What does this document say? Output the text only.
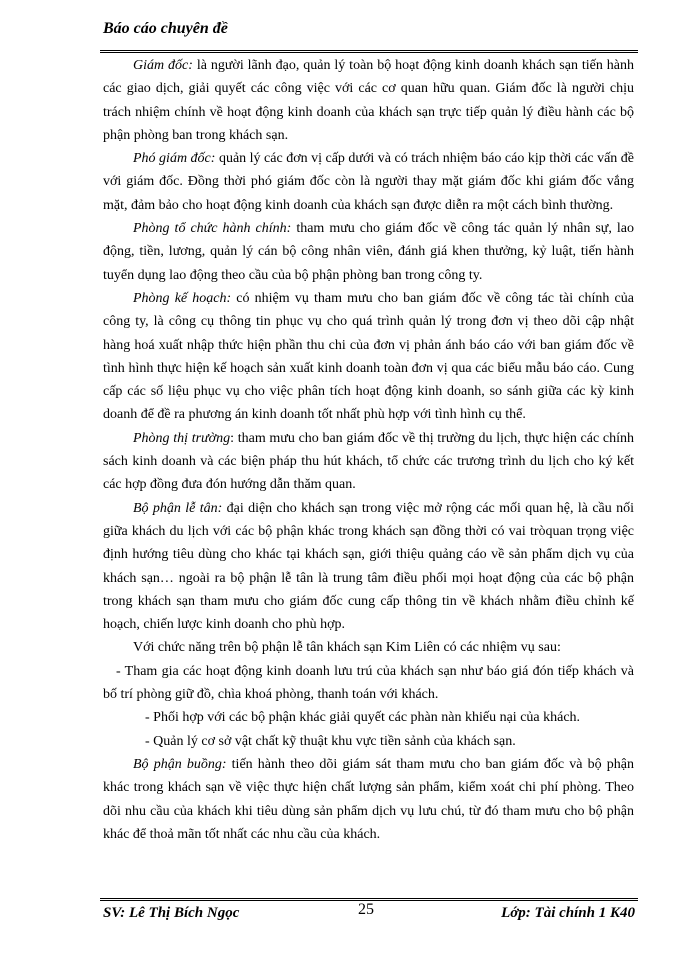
Báo cáo chuyên đề

Giám đốc: là người lãnh đạo, quản lý toàn bộ hoạt động kinh doanh khách sạn tiến hành các giao dịch, giải quyết các công việc với các cơ quan hữu quan. Giám đốc là người chịu trách nhiệm chính về hoạt động kinh doanh của khách sạn trực tiếp quản lý điều hành các bộ phận phòng ban trong khách sạn.

Phó giám đốc: quản lý các đơn vị cấp dưới và có trách nhiệm báo cáo kịp thời các vấn đề với giám đốc. Đồng thời phó giám đốc còn là người thay mặt giám đốc khi giám đốc vắng mặt, đảm bảo cho hoạt động kinh doanh của khách sạn được diễn ra một cách bình thường.

Phòng tổ chức hành chính: tham mưu cho giám đốc về công tác quản lý nhân sự, lao động, tiền, lương, quản lý cán bộ công nhân viên, đánh giá khen thưởng, kỷ luật, tiến hành tuyển dụng lao động theo cầu của bộ phận phòng ban trong công ty.

Phòng kế hoạch: có nhiệm vụ tham mưu cho ban giám đốc về công tác tài chính của công ty, là công cụ thông tin phục vụ cho quá trình quản lý trong đơn vị theo dõi cập nhật hàng hoá xuất nhập thức hiện phần thu chi của đơn vị phản ánh báo cáo với ban giám đốc về tình hình thực hiện kế hoạch sản xuất kinh doanh toàn đơn vị qua các biểu mẫu báo cáo. Cung cấp các số liệu phục vụ cho việc phân tích hoạt động kinh doanh, so sánh giữa các kỳ kinh doanh để đề ra phương án kinh doanh tốt nhất phù hợp với tình hình cụ thể.

Phòng thị trường: tham mưu cho ban giám đốc về thị trường du lịch, thực hiện các chính sách kinh doanh và các biện pháp thu hút khách, tổ chức các trương trình du lịch cho ký kết các hợp đồng đưa đón hướng dẫn thăm quan.

Bộ phận lễ tân: đại diện cho khách sạn trong việc mở rộng các mối quan hệ, là cầu nối giữa khách du lịch với các bộ phận khác trong khách sạn đồng thời có vai tròquan trọng việc định hướng tiêu dùng cho khác tại khách sạn, giới thiệu quảng cáo về sản phẩm dịch vụ của khách sạn… ngoài ra bộ phận lễ tân là trung tâm điều phối mọi hoạt động của các bộ phận trong khách sạn tham mưu cho giám đốc cung cấp thông tin về khách nhằm điều chỉnh kế hoạch, chiến lược kinh doanh cho phù hợp.

Với chức năng trên bộ phận lễ tân khách sạn Kim Liên có các nhiệm vụ sau:

- Tham gia các hoạt động kinh doanh lưu trú của khách sạn như báo giá đón tiếp khách và bố trí phòng giữ đồ, chìa khoá phòng, thanh toán với khách.

- Phối hợp với các bộ phận khác giải quyết các phàn nàn khiếu nại của khách.

- Quản lý cơ sở vật chất kỹ thuật khu vực tiền sảnh của khách sạn.

Bộ phận buồng: tiến hành theo dõi giám sát tham mưu cho ban giám đốc và bộ phận khác trong khách sạn về việc thực hiện chất lượng sản phẩm, kiểm xoát chi phí phòng. Theo dõi nhu cầu của khách khi tiêu dùng sản phẩm dịch vụ lưu chú, từ đó tham mưu cho bộ phận khác để thoả mãn tốt nhất các nhu cầu của khách.

SV: Lê Thị Bích Ngọc	25	Lớp: Tài chính 1 K40
